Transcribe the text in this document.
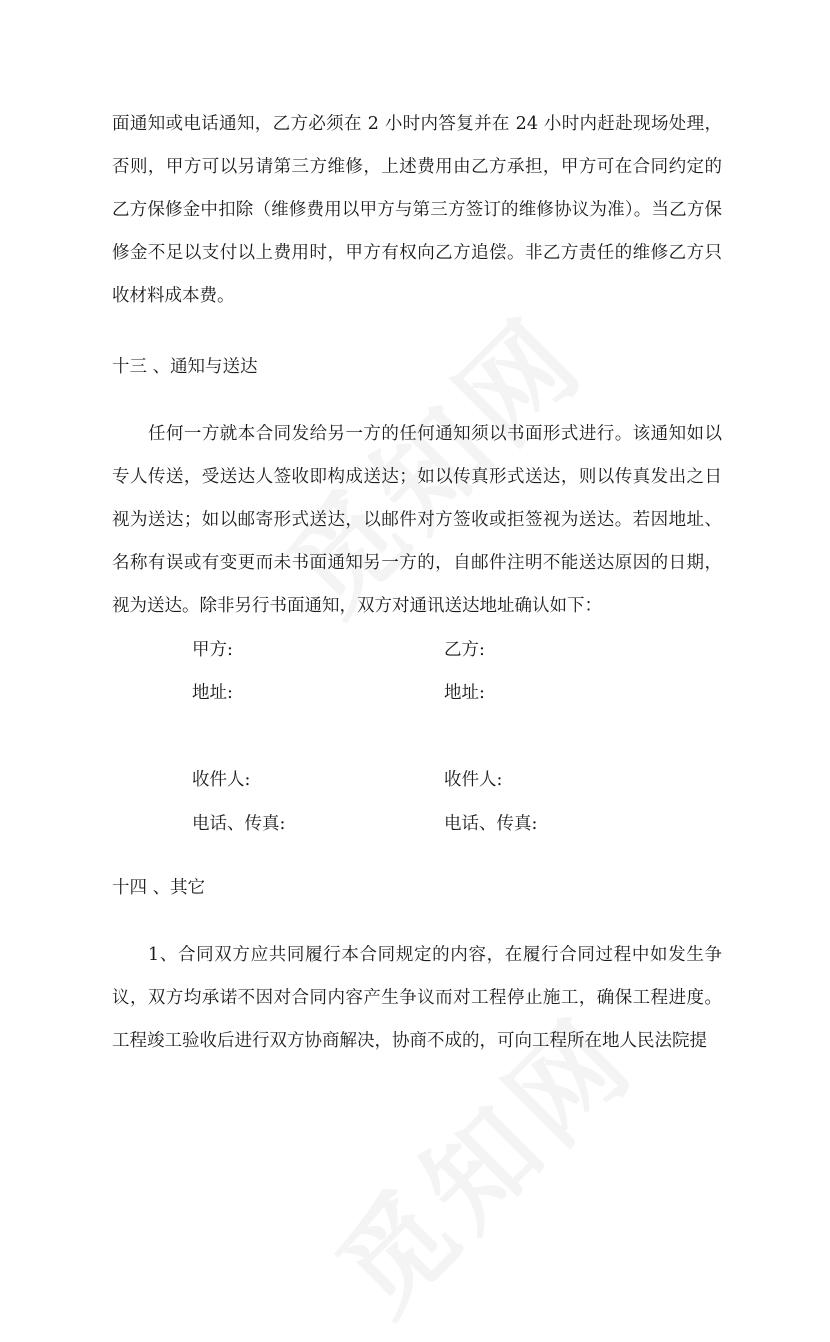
面通知或电话通知，乙方必须在 2 小时内答复并在 24 小时内赶赴现场处理，否则，甲方可以另请第三方维修，上述费用由乙方承担，甲方可在合同约定的乙方保修金中扣除（维修费用以甲方与第三方签订的维修协议为准）。当乙方保修金不足以支付以上费用时，甲方有权向乙方追偿。非乙方责任的维修乙方只收材料成本费。

十三 、通知与送达

任何一方就本合同发给另一方的任何通知须以书面形式进行。该通知如以专人传送，受送达人签收即构成送达；如以传真形式送达，则以传真发出之日视为送达；如以邮寄形式送达，以邮件对方签收或拒签视为送达。若因地址、名称有误或有变更而未书面通知另一方的，自邮件注明不能送达原因的日期，视为送达。除非另行书面通知，双方对通讯送达地址确认如下：

甲方:	乙方:
地址:	地址:
收件人:	收件人:
电话、传真:	电话、传真:
十四 、其它

1、合同双方应共同履行本合同规定的内容，在履行合同过程中如发生争议，双方均承诺不因对合同内容产生争议而对工程停止施工，确保工程进度。工程竣工验收后进行双方协商解决，协商不成的，可向工程所在地人民法院提
